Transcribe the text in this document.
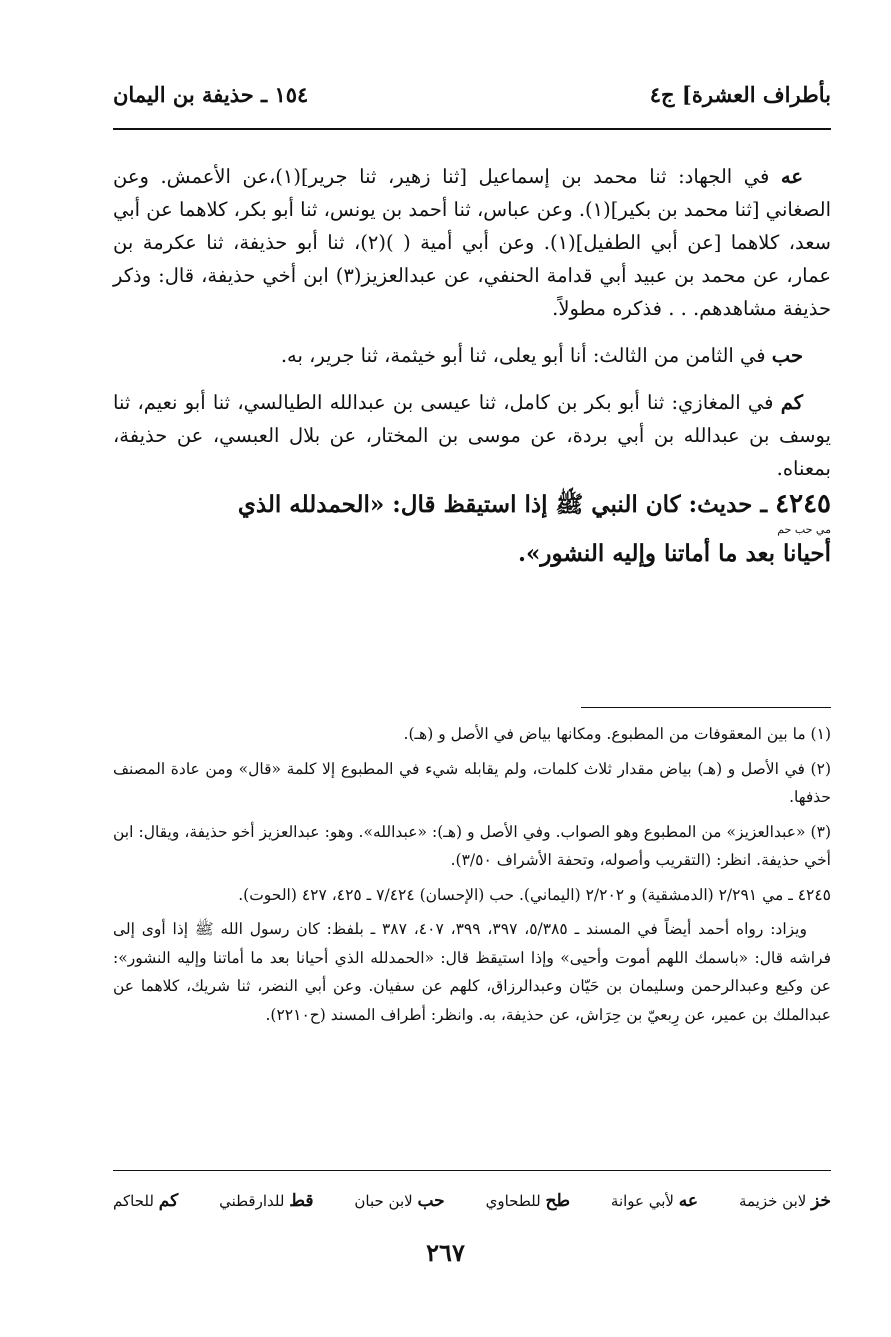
بأطراف العشرة] ج٤
١٥٤ ـ حذيفة بن اليمان

عه في الجهاد: ثنا محمد بن إسماعيل [ثنا زهير، ثنا جرير](١)،عن الأعمش. وعن الصغاني [ثنا محمد بن بكير](١). وعن عباس، ثنا أحمد بن يونس، ثنا أبو بكر، كلاهما عن أبي سعد، كلاهما [عن أبي الطفيل](١). وعن أبي أمية ( )(٢)، ثنا أبو حذيفة، ثنا عكرمة بن عمار، عن محمد بن عبيد أبي قدامة الحنفي، عن عبدالعزيز(٣) ابن أخي حذيفة، قال: وذكر حذيفة مشاهدهم. . . فذكره مطولاً.

حب في الثامن من الثالث: أنا أبو يعلى، ثنا أبو خيثمة، ثنا جرير، به.

كم في المغازي: ثنا أبو بكر بن كامل، ثنا عيسى بن عبدالله الطيالسي، ثنا أبو نعيم، ثنا يوسف بن عبدالله بن أبي بردة، عن موسى بن المختار، عن بلال العبسي، عن حذيفة، بمعناه.

٤٢٤٥ ـ حديث: كان النبي ﷺ إذا استيقظ قال: «الحمدلله الذي
مي حب حم
أحيانا بعد ما أماتنا وإليه النشور».

(١) ما بين المعقوفات من المطبوع. ومكانها بياض في الأصل و (هـ).

(٢) في الأصل و (هـ) بياض مقدار ثلاث كلمات، ولم يقابله شيء في المطبوع إلا كلمة «قال» ومن عادة المصنف حذفها.

(٣) «عبدالعزيز» من المطبوع وهو الصواب. وفي الأصل و (هـ): «عبدالله». وهو: عبدالعزيز أخو حذيفة، ويقال: ابن أخي حذيفة. انظر: (التقريب وأصوله، وتحفة الأشراف ٣/٥٠).

٤٢٤٥ ـ مي ٢/٢٩١ (الدمشقية) و ٢/٢٠٢ (اليماني). حب (الإحسان) ٧/٤٢٤ ـ ٤٢٥، ٤٢٧ (الحوت).

ويزاد: رواه أحمد أيضاً في المسند ـ ٥/٣٨٥، ٣٩٧، ٣٩٩، ٤٠٧، ٣٨٧ ـ بلفظ: كان رسول الله ﷺ إذا أوى إلى فراشه قال: «باسمك اللهم أموت وأحيى» وإذا استيقظ قال: «الحمدلله الذي أحيانا بعد ما أماتنا وإليه النشور»: عن وكيع وعبدالرحمن وسليمان بن حَيّان وعبدالرزاق، كلهم عن سفيان. وعن أبي النضر، ثنا شريك، كلاهما عن عبدالملك بن عمير، عن رِبعيّ بن حِرَاش، عن حذيفة، به. وانظر: أطراف المسند (ح٢٢١٠).

خز لابن خزيمة
عه لأبي عوانة
طح للطحاوي
حب لابن حبان
قط للدارقطني
كم للحاكم
٢٦٧
